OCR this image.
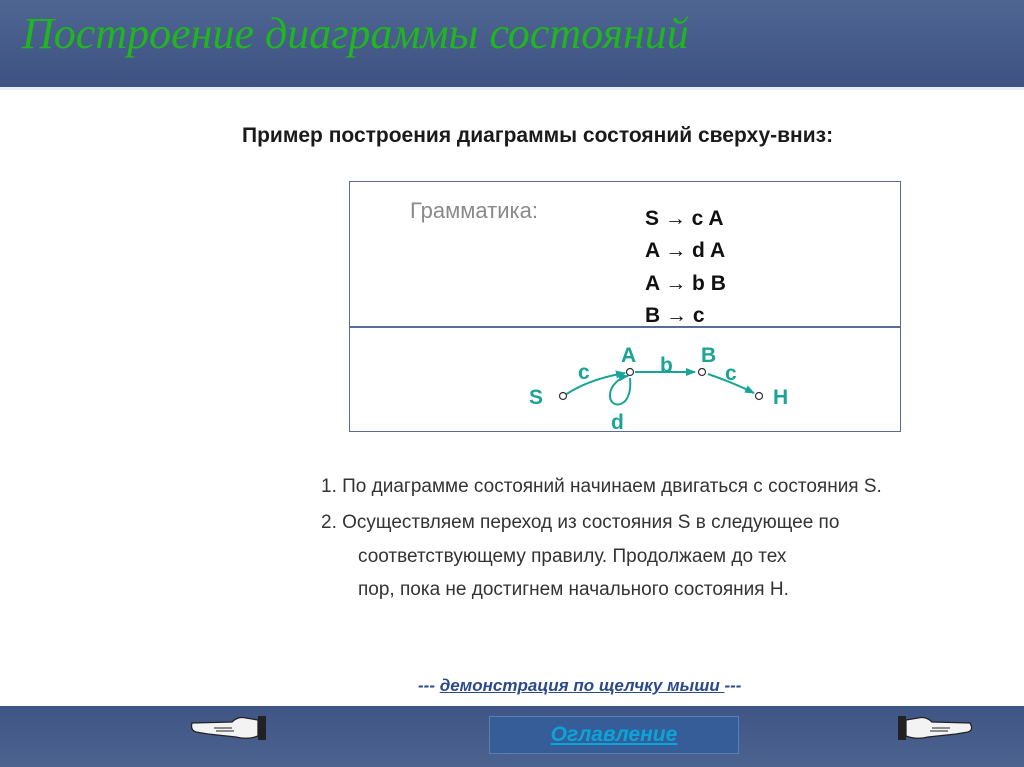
Построение диаграммы состояний
Пример построения диаграммы состояний сверху-вниз:
Грамматика:	S → c A
A → d A
A → b B
B → c
S
A	B
H
c	b c
d
1. По диаграмме состояний начинаем двигаться с состояния S.
2. Осуществляем переход из состояния S в следующее по
соответствующему правилу. Продолжаем до тех
пор, пока не достигнем начального состояния Н.
--- демонстрация по щелчку мыши ---
Оглавление
